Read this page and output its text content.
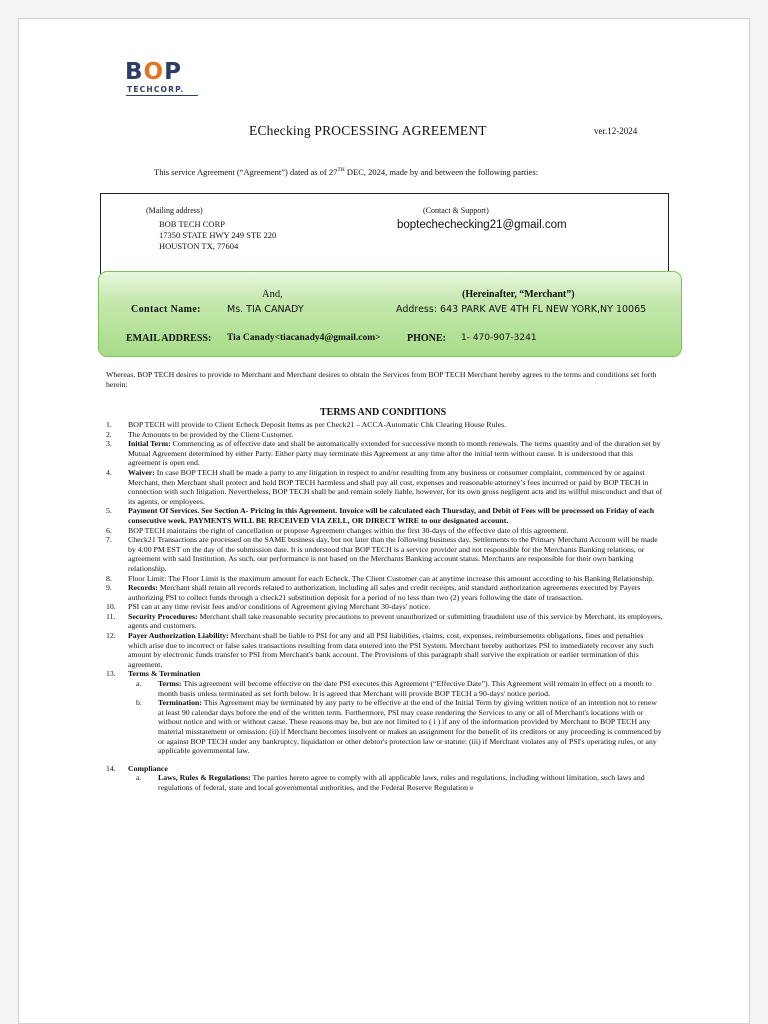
BOP
TECHCORP.
EChecking PROCESSING AGREEMENT	ver.12-2024
This service Agreement (“Agreement”) dated as of 27TH DEC, 2024, made by and between the following parties:
(Mailing address)
BOB TECH CORP
17350 STATE HWY 249 STE 220
HOUSTON TX, 77604
(Contact & Support)
boptechechecking21@gmail.com
And,	(Hereinafter, “Merchant”)
Contact Name:	Ms. TIA CANADY	Address: 643 PARK AVE 4TH FL NEW YORK,NY 10065
EMAIL ADDRESS: Tia Canady<tiacanady4@gmail.com>	PHONE: 1- 470-907-3241
Whereas, BOP TECH desires to provide to Merchant and Merchant desires to obtain the Services from BOP TECH Merchant hereby agrees to the terms and conditions set forth herein:
TERMS AND CONDITIONS
1. BOP TECH will provide to Client Echeck Deposit Items as per Check21 – ACCA-Automatic Chk Clearing House Rules.
2. The Amounts to be provided by the Client Customer.
3. Initial Term: Commencing as of effective date and shall be automatically extended for successive month to month renewals. The terms quantity and of the duration set by Mutual Agreement determined by either Party. Either party may terminate this Agreement at any time after the initial term without cause. It is understood that this agreement is open end.
4. Waiver: In case BOP TECH shall be made a party to any litigation in respect to and/or resulting from any business or consumer complaint, commenced by or against Merchant, then Merchant shall protect and hold BOP TECH harmless and shall pay all cost, expenses and reasonable attorney’s fees incurred or paid by BOP TECH in connection with such litigation. Nevertheless, BOP TECH shall be and remain solely liable, however, for its own gross negligent acts and its willful misconduct and that of its agents, or employees.
5. Payment Of Services. See Section A- Pricing in this Agreement. Invoice will be calculated each Thursday, and Debit of Fees will be processed on Friday of each consecutive week. PAYMENTS WILL BE RECEIVED VIA ZELL, OR DIRECT WIRE to our designated account.
6. BOP TECH maintains the right of cancellation or propose Agreement changes within the first 30-days of the effective date of this agreement.
7. Check21 Transactions are processed on the SAME business day, but not later than the following business day. Settlements to the Primary Merchant Account will be made by 4:00 PM EST on the day of the submission date. It is understood that BOP TECH is a service provider and not responsible for the Merchants Banking relations, or agreement with said Institution. As such, our performance is not based on the Merchants Banking account status. Merchants are responsible for their own banking relationship.
8. Floor Limit: The Floor Limit is the maximum amount for each Echeck. The Client Customer can at anytime increase this amount according to his Banking Relationship.
9. Records: Merchant shall retain all records related to authorization, including all sales and credit receipts, and standard authorization agreements executed by Payers authorizing PSI to collect funds through a check21 substitution deposit for a period of no less than two (2) years following the date of transaction.
10. PSI can at any time revisit fees and/or conditions of Agreement giving Merchant 30-days' notice.
11. Security Procedures: Merchant shall take reasonable security precautions to prevent unauthorized or submitting fraudulent use of this service by Merchant, its employees, agents and customers.
12. Payer Authorization Liability: Merchant shall be liable to PSI for any and all PSI liabilities, claims, cost, expenses, reimbursements obligations, fines and penalties which arise due to incorrect or false sales transactions resulting from data entered into the PSI System. Merchant hereby authorizes PSI to immediately recover any such amount by electronic funds transfer to PSI from Merchant's bank account. The Provisions of this paragraph shall survive the expiration or earlier termination of this agreement.
13. Terms & Termination
a. Terms: This agreement will become effective on the date PSI executes this Agreement (“Effective Date”). This Agreement will remain in effect on a month to month basis unless terminated as set forth below. It is agreed that Merchant will provide BOP TECH a 90-days' notice period.
b. Termination: This Agreement may be terminated by any party to be effective at the end of the Initial Term by giving written notice of an intention not to renew at least 90 calendar days before the end of the written term. Furthermore, PSI may cease rendering the Services to any or all of Merchant's locations with or without notice and with or without cause. These reasons may be, but are not limited to ( i ) if any of the information provided by Merchant to BOP TECH any material misstatement or omission: (ii) if Merchant becomes insolvent or makes an assignment for the benefit of its creditors or any proceeding is commenced by or against BOP TECH under any bankruptcy, liquidation or other debtor's protection law or statute: (iii) if Merchant violates any of PSI's operating rules, or any applicable governmental law.
14. Compliance
a. Laws, Rules & Regulations: The parties hereto agree to comply with all applicable laws, rules and regulations, including without limitation, such laws and regulations of federal, state and local governmental authorities, and the Federal Reserve Regulation e
